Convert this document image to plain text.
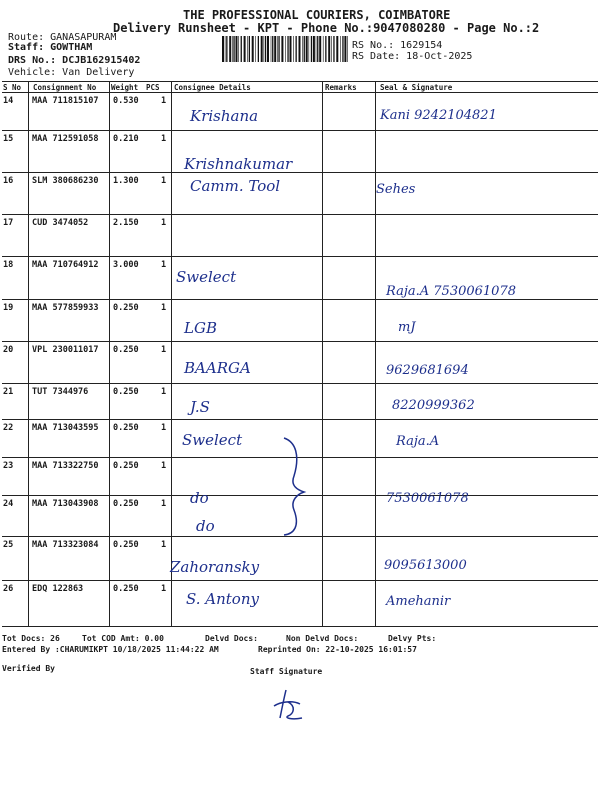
THE PROFESSIONAL COURIERS, COIMBATORE
Delivery Runsheet - KPT - Phone No.:9047080280 - Page No.:2
Route: GANASAPURAM
Staff: GOWTHAM
DRS No.: DCJB162915402
Vehicle: Van Delivery
RS No.: 1629154
RS Date: 18-Oct-2025
S No Consignment No Weight PCS Consignee Details	Remarks	Seal & Signature
14 MAA 711815107 0.530	1
Krishana	Kani 9242104821
15 MAA 712591058 0.210	1
Krishnakumar
16 SLM 380686230 1.300	1 Camm. Tool	Sehes
17 CUD 3474052	2.150	1
18 MAA 710764912 3.000	1
Swelect
Raja.A 7530061078
19 MAA 577859933 0.250	1
LGB	mJ
20 VPL 230011017 0.250	1
BAARGA	9629681694
21 TUT 7344976	0.250	1
J.S	8220999362
22 MAA 713043595 0.250	1
Swelect	Raja.A
23 MAA 713322750 0.250	1
do	7530061078
24 MAA 713043908 0.250	1
do
25 MAA 713323084 0.250	1
Zahoransky	9095613000
26 EDQ 122863	0.250	1
S. Antony	Amehanir
Tot Docs: 26	Tot COD Amt: 0.00	Delvd Docs:	Non Delvd Docs:	Delvy Pts:
Entered By :CHARUMIKPT 10/18/2025 11:44:22 AM	Reprinted On: 22-10-2025 16:01:57
Verified By	Staff Signature
